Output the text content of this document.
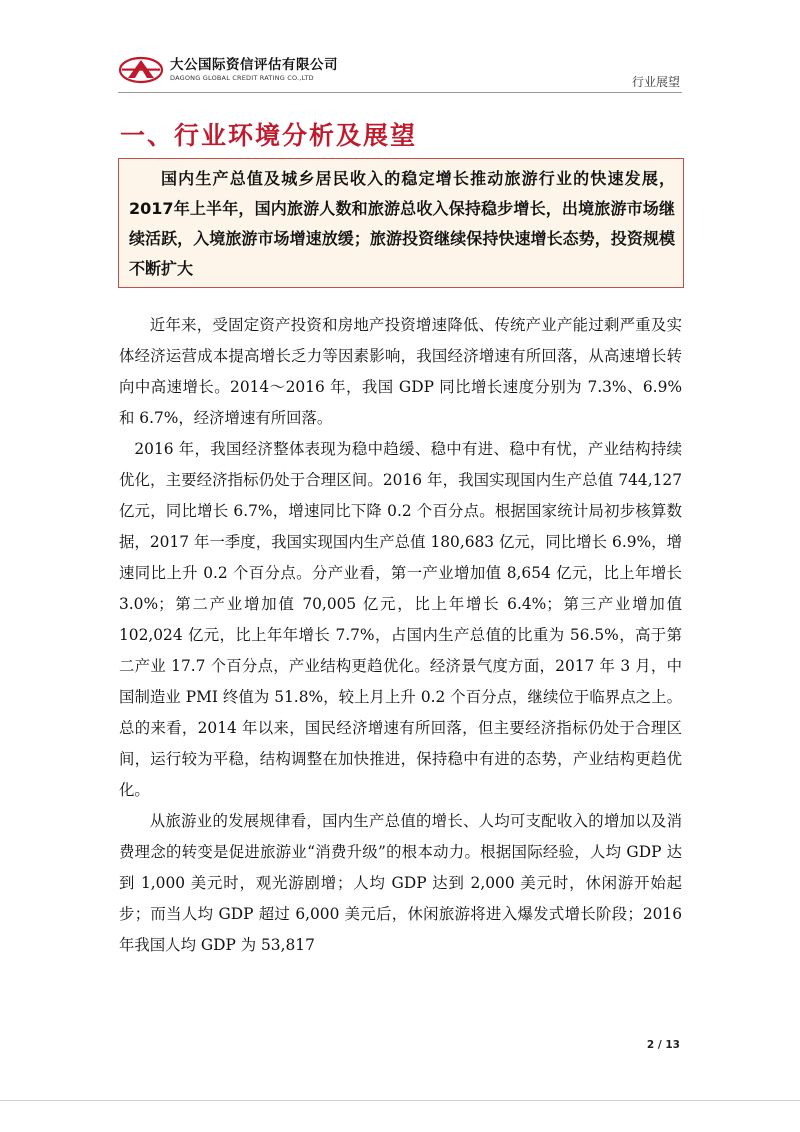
大公国际资信评估有限公司
DAGONG GLOBAL CREDIT RATING CO.,LTD	行业展望
一、行业环境分析及展望

国内生产总值及城乡居民收入的稳定增长推动旅游行业的快速发展，2017年上半年，国内旅游人数和旅游总收入保持稳步增长，出境旅游市场继续活跃，入境旅游市场增速放缓；旅游投资继续保持快速增长态势，投资规模不断扩大

近年来，受固定资产投资和房地产投资增速降低、传统产业产能过剩严重及实体经济运营成本提高增长乏力等因素影响，我国经济增速有所回落，从高速增长转向中高速增长。2014～2016 年，我国 GDP 同比增长速度分别为 7.3%、6.9%和 6.7%，经济增速有所回落。

2016 年，我国经济整体表现为稳中趋缓、稳中有进、稳中有忧，产业结构持续优化，主要经济指标仍处于合理区间。2016 年，我国实现国内生产总值 744,127 亿元，同比增长 6.7%，增速同比下降 0.2 个百分点。根据国家统计局初步核算数据，2017 年一季度，我国实现国内生产总值 180,683 亿元，同比增长 6.9%，增速同比上升 0.2 个百分点。分产业看，第一产业增加值 8,654 亿元，比上年增长 3.0%；第二产业增加值 70,005 亿元，比上年增长 6.4%；第三产业增加值 102,024 亿元，比上年年增长 7.7%，占国内生产总值的比重为 56.5%，高于第二产业 17.7 个百分点，产业结构更趋优化。经济景气度方面，2017 年 3 月，中国制造业 PMI 终值为 51.8%，较上月上升 0.2 个百分点，继续位于临界点之上。总的来看，2014 年以来，国民经济增速有所回落，但主要经济指标仍处于合理区间，运行较为平稳，结构调整在加快推进，保持稳中有进的态势，产业结构更趋优化。

从旅游业的发展规律看，国内生产总值的增长、人均可支配收入的增加以及消费理念的转变是促进旅游业“消费升级”的根本动力。根据国际经验，人均 GDP 达到 1,000 美元时，观光游剧增；人均 GDP 达到 2,000 美元时，休闲游开始起步；而当人均 GDP 超过 6,000 美元后，休闲旅游将进入爆发式增长阶段；2016 年我国人均 GDP 为 53,817

2 / 13
